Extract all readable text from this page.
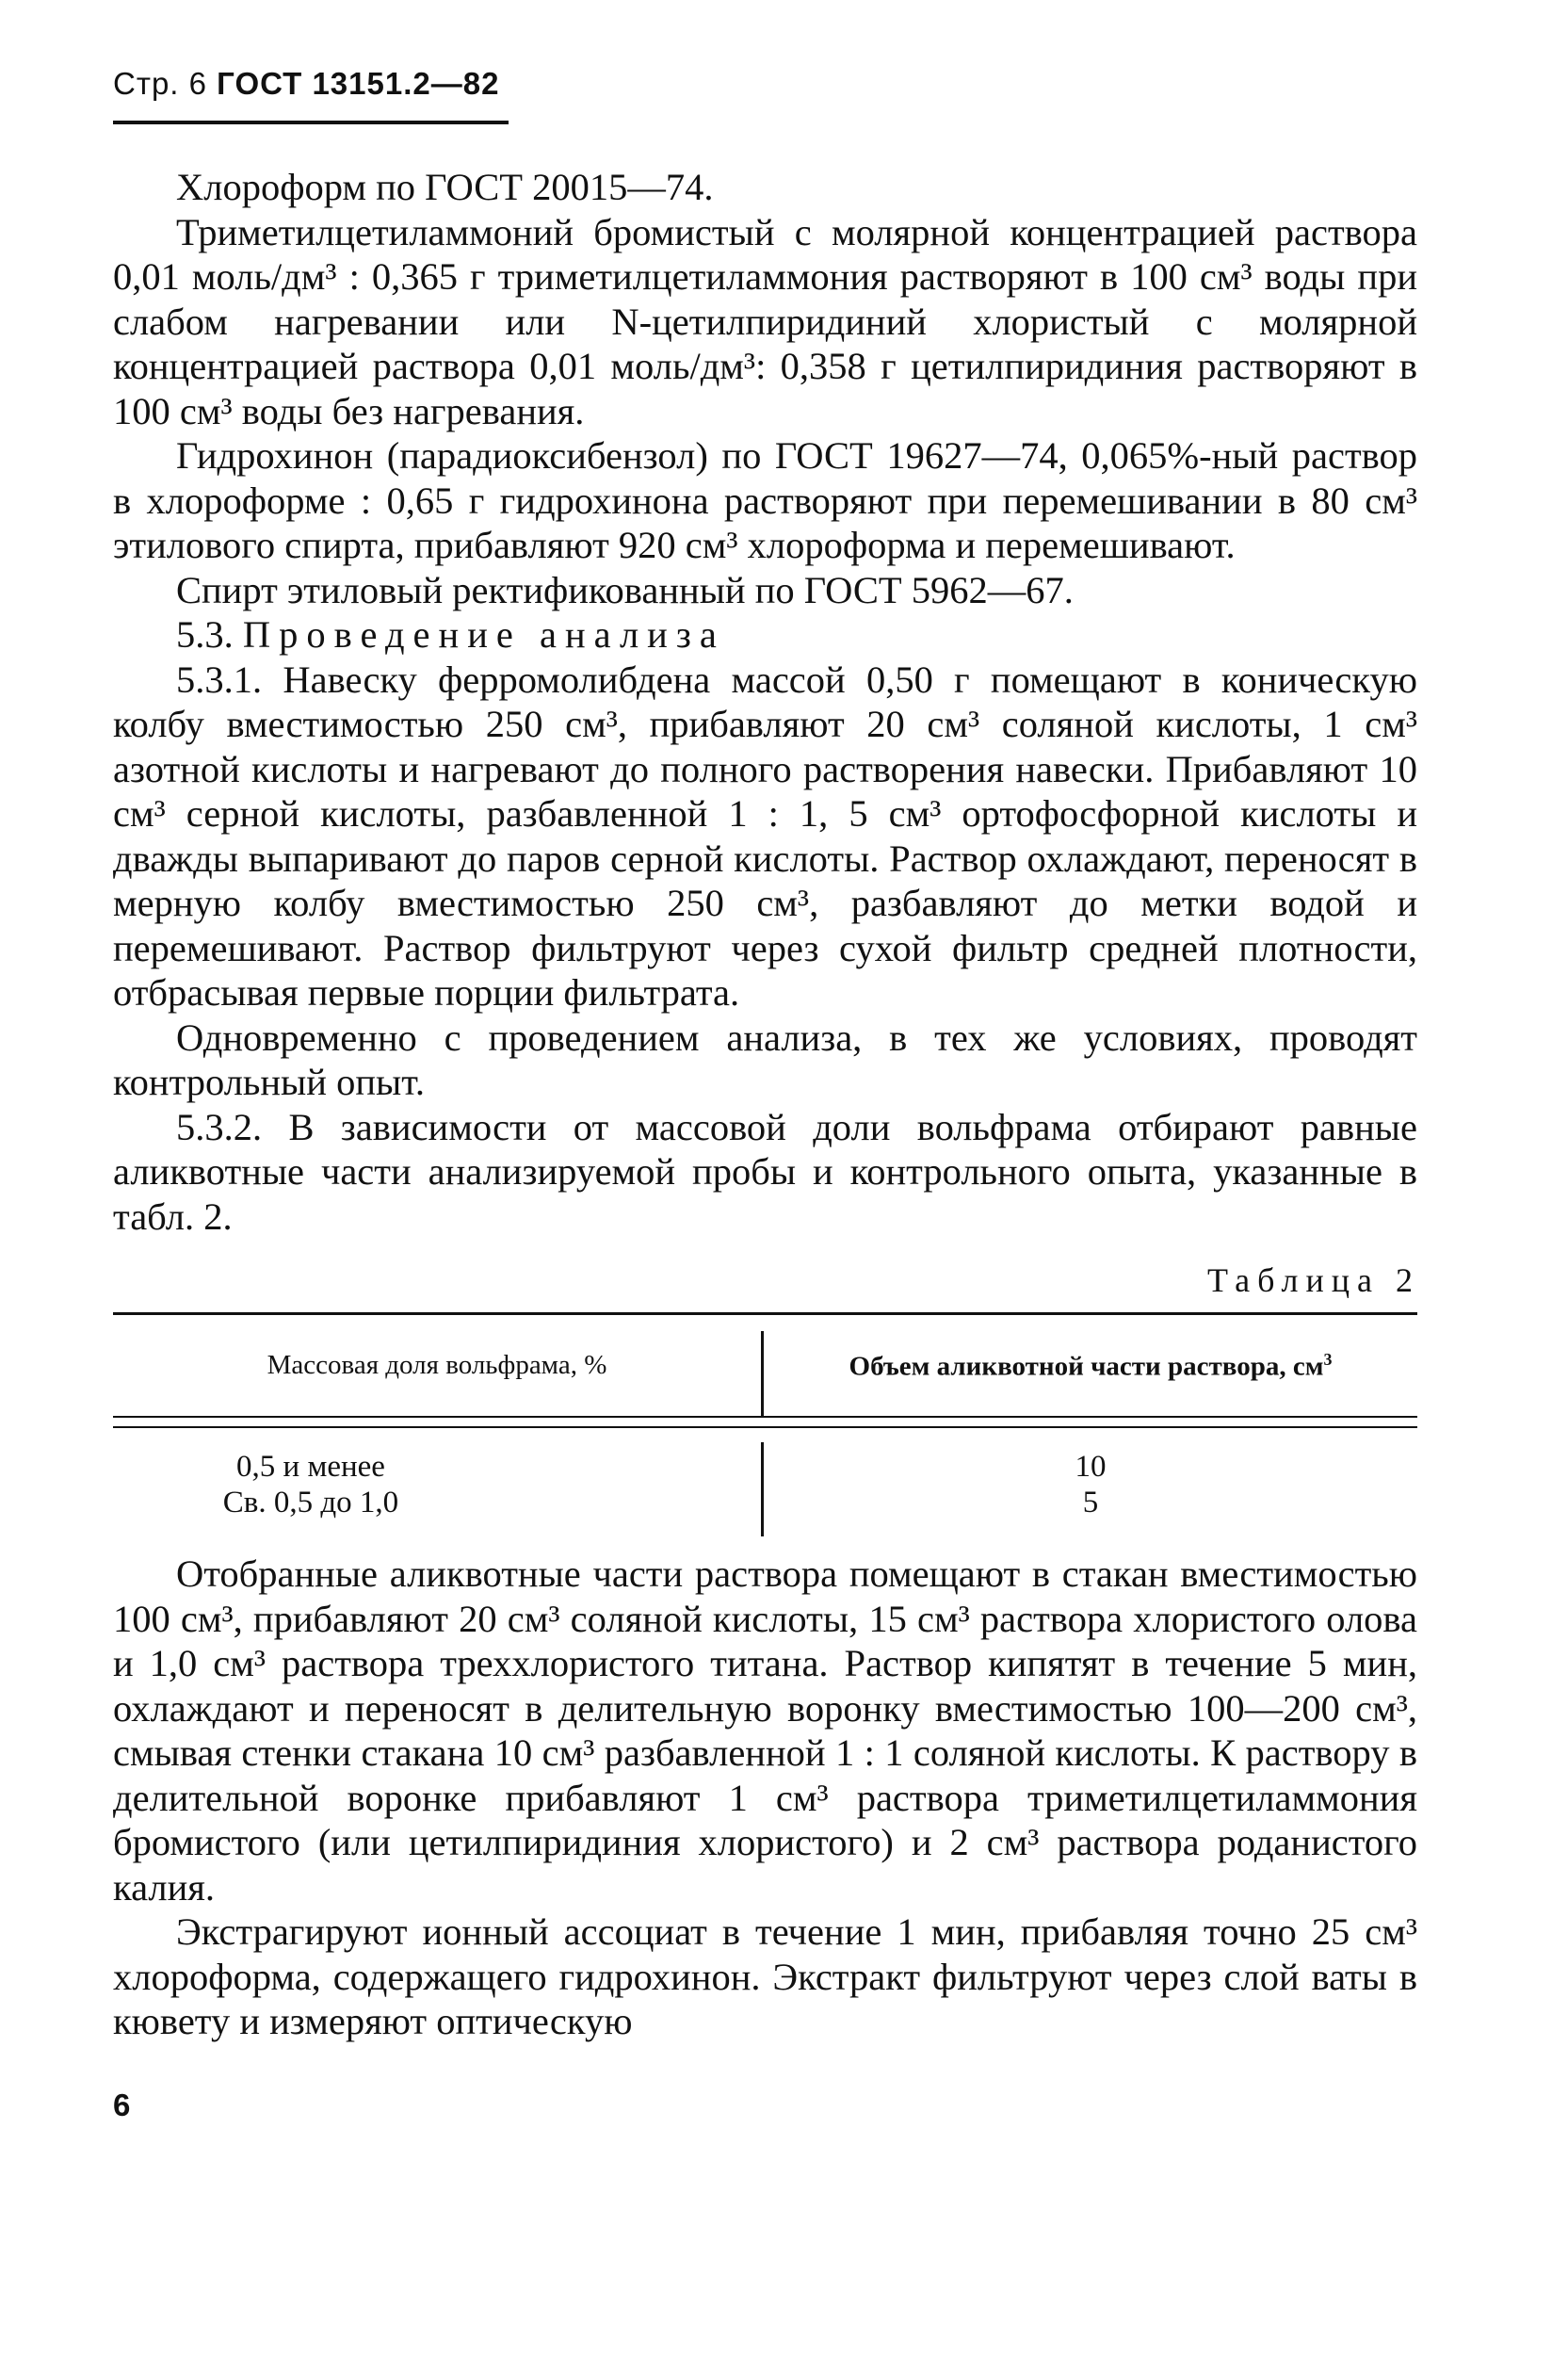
Стр. 6 ГОСТ 13151.2—82

Хлороформ по ГОСТ 20015—74.

Триметилцетиламмоний бромистый с молярной концентрацией раствора 0,01 моль/дм³ : 0,365 г триметилцетиламмония растворяют в 100 см³ воды при слабом нагревании или N-цетилпиридиний хлористый с молярной концентрацией раствора 0,01 моль/дм³: 0,358 г цетилпиридиния растворяют в 100 см³ воды без нагревания.

Гидрохинон (парадиоксибензол) по ГОСТ 19627—74, 0,065%-ный раствор в хлороформе : 0,65 г гидрохинона растворяют при перемешивании в 80 см³ этилового спирта, прибавляют 920 см³ хлороформа и перемешивают.

Спирт этиловый ректификованный по ГОСТ 5962—67.

5.3. Проведение анализа

5.3.1. Навеску ферромолибдена массой 0,50 г помещают в коническую колбу вместимостью 250 см³, прибавляют 20 см³ соляной кислоты, 1 см³ азотной кислоты и нагревают до полного растворения навески. Прибавляют 10 см³ серной кислоты, разбавленной 1 : 1, 5 см³ ортофосфорной кислоты и дважды выпаривают до паров серной кислоты. Раствор охлаждают, переносят в мерную колбу вместимостью 250 см³, разбавляют до метки водой и перемешивают. Раствор фильтруют через сухой фильтр средней плотности, отбрасывая первые порции фильтрата.

Одновременно с проведением анализа, в тех же условиях, проводят контрольный опыт.

5.3.2. В зависимости от массовой доли вольфрама отбирают равные аликвотные части анализируемой пробы и контрольного опыта, указанные в табл. 2.

Таблица 2
Массовая доля вольфрама, %	Объем аликвотной части раствора, $см^3$
0,5 и менее
Св. 0,5 до 1,0
10
5

Отобранные аликвотные части раствора помещают в стакан вместимостью 100 см³, прибавляют 20 см³ соляной кислоты, 15 см³ раствора хлористого олова и 1,0 см³ раствора треххлористого титана. Раствор кипятят в течение 5 мин, охлаждают и переносят в делительную воронку вместимостью 100—200 см³, смывая стенки стакана 10 см³ разбавленной 1 : 1 соляной кислоты. К раствору в делительной воронке прибавляют 1 см³ раствора триметилцетиламмония бромистого (или цетилпиридиния хлористого) и 2 см³ раствора роданистого калия.

Экстрагируют ионный ассоциат в течение 1 мин, прибавляя точно 25 см³ хлороформа, содержащего гидрохинон. Экстракт фильтруют через слой ваты в кювету и измеряют оптическую

6
